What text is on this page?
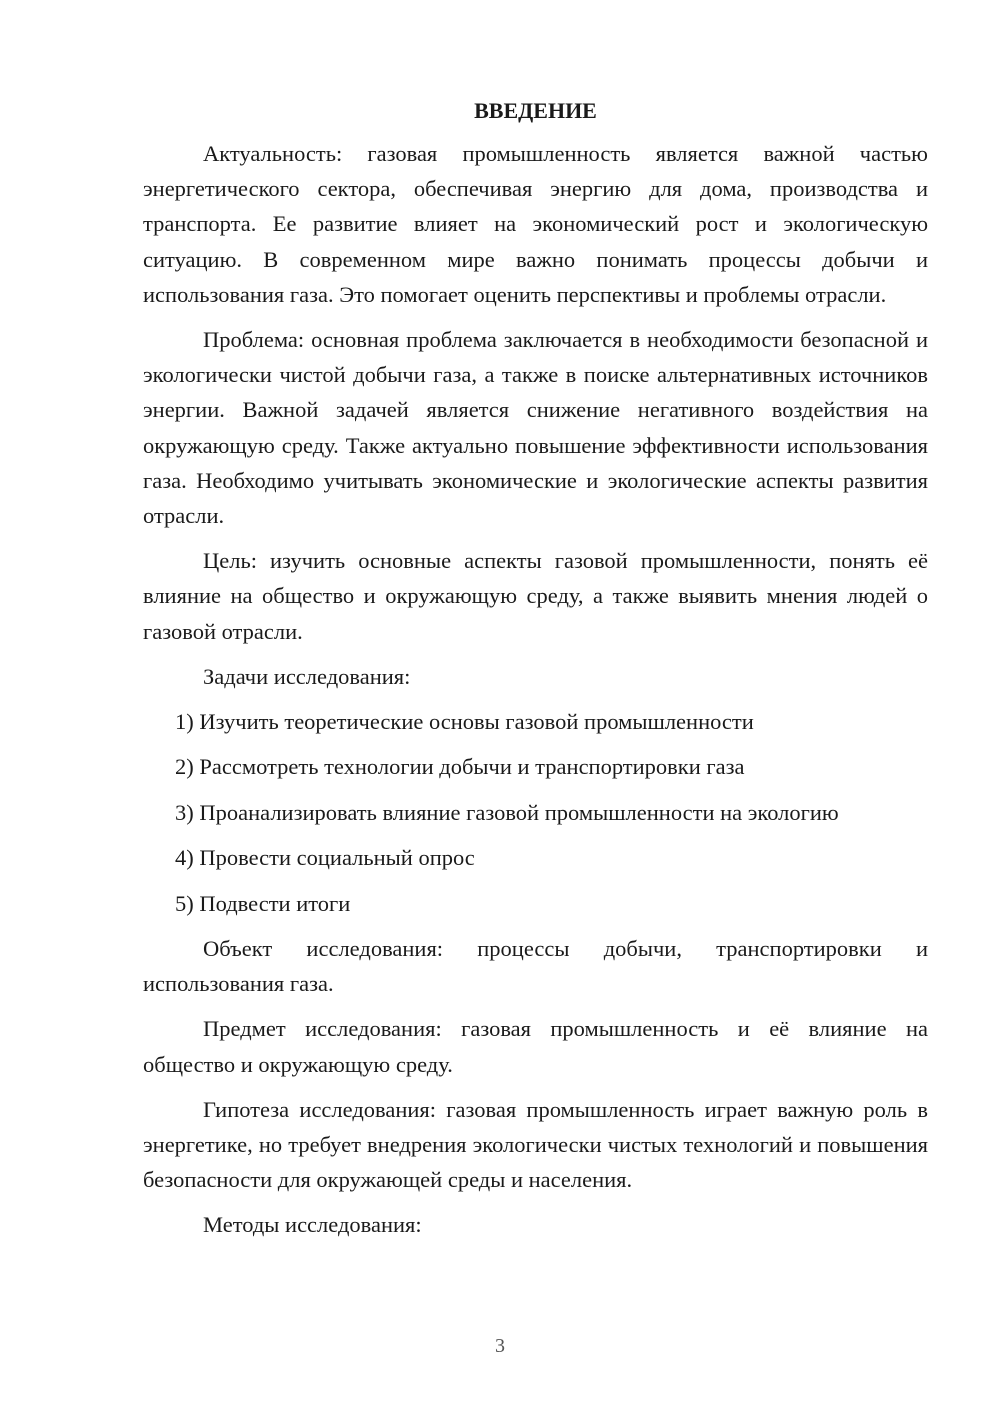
ВВЕДЕНИЕ

Актуальность: газовая промышленность является важной частью энергетического сектора, обеспечивая энергию для дома, производства и транспорта. Ее развитие влияет на экономический рост и экологическую ситуацию. В современном мире важно понимать процессы добычи и использования газа. Это помогает оценить перспективы и проблемы отрасли.

Проблема: основная проблема заключается в необходимости безопасной и экологически чистой добычи газа, а также в поиске альтернативных источников энергии. Важной задачей является снижение негативного воздействия на окружающую среду. Также актуально повышение эффективности использования газа. Необходимо учитывать экономические и экологические аспекты развития отрасли.

Цель: изучить основные аспекты газовой промышленности, понять её влияние на общество и окружающую среду, а также выявить мнения людей о газовой отрасли.

Задачи исследования:

1) Изучить теоретические основы газовой промышленности
2) Рассмотреть технологии добычи и транспортировки газа
3) Проанализировать влияние газовой промышленности на экологию
4) Провести социальный опрос
5) Подвести итоги

Объект исследования: процессы добычи, транспортировки и использования газа.

Предмет исследования: газовая промышленность и её влияние на общество и окружающую среду.

Гипотеза исследования: газовая промышленность играет важную роль в энергетике, но требует внедрения экологически чистых технологий и повышения безопасности для окружающей среды и населения.

Методы исследования:

3
